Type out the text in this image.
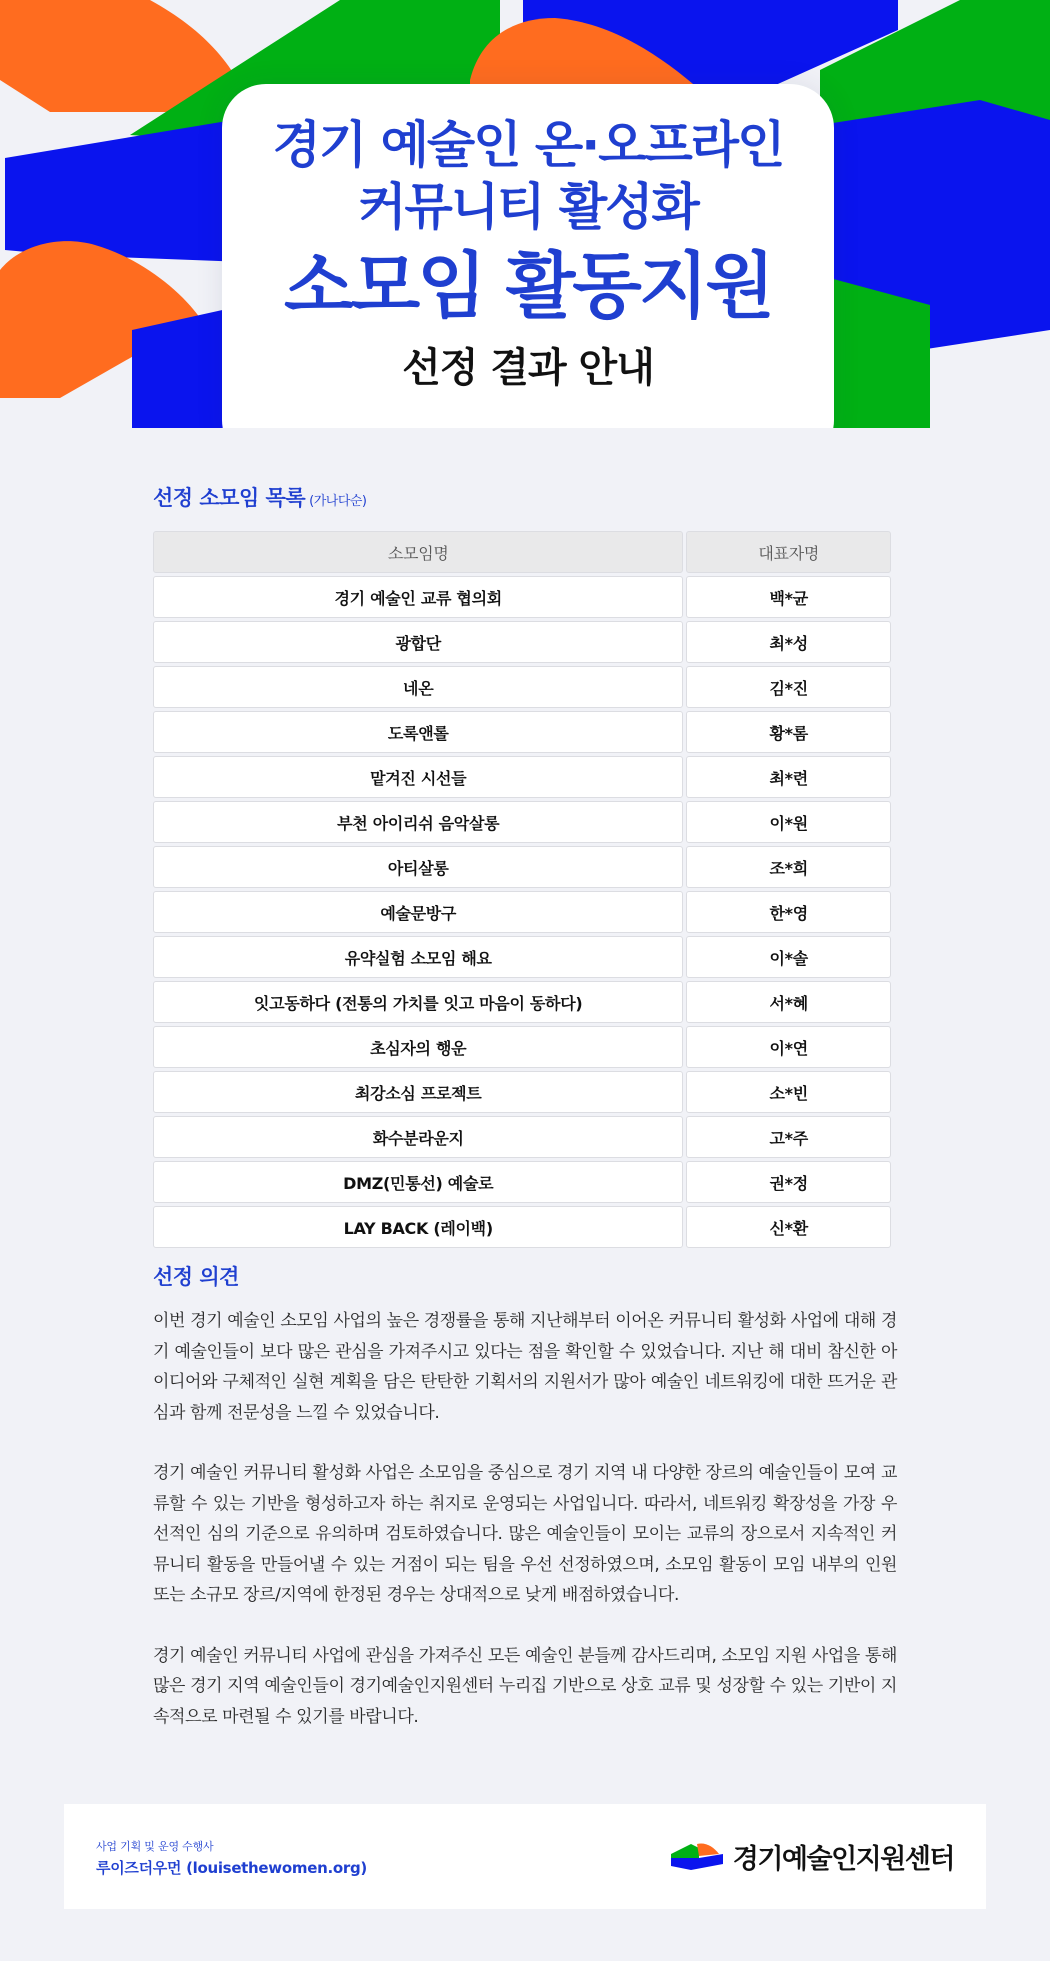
경기 예술인 온·오프라인
커뮤니티 활성화
소모임 활동지원
선정 결과 안내
선정 소모임 목록 (가나다순)
소모임명	대표자명
경기 예술인 교류 협의회	백*균
광합단	최*성
네온	김*진
도록앤롤	황*롬
맡겨진 시선들	최*련
부천 아이리쉬 음악살롱	이*원
아티살롱	조*희
예술문방구	한*영
유약실험 소모임 해요	이*솔
잇고동하다 (전통의 가치를 잇고 마음이 동하다)	서*혜
초심자의 행운	이*연
최강소심 프로젝트	소*빈
화수분라운지	고*주
DMZ(민통선) 예술로	권*정
LAY BACK (레이백)	신*환
선정 의견

이번 경기 예술인 소모임 사업의 높은 경쟁률을 통해 지난해부터 이어온 커뮤니티 활성화 사업에 대해 경기 예술인들이 보다 많은 관심을 가져주시고 있다는 점을 확인할 수 있었습니다. 지난 해 대비 참신한 아이디어와 구체적인 실현 계획을 담은 탄탄한 기획서의 지원서가 많아 예술인 네트워킹에 대한 뜨거운 관심과 함께 전문성을 느낄 수 있었습니다.

경기 예술인 커뮤니티 활성화 사업은 소모임을 중심으로 경기 지역 내 다양한 장르의 예술인들이 모여 교류할 수 있는 기반을 형성하고자 하는 취지로 운영되는 사업입니다. 따라서, 네트워킹 확장성을 가장 우선적인 심의 기준으로 유의하며 검토하였습니다. 많은 예술인들이 모이는 교류의 장으로서 지속적인 커뮤니티 활동을 만들어낼 수 있는 거점이 되는 팀을 우선 선정하였으며, 소모임 활동이 모임 내부의 인원 또는 소규모 장르/지역에 한정된 경우는 상대적으로 낮게 배점하였습니다.

경기 예술인 커뮤니티 사업에 관심을 가져주신 모든 예술인 분들께 감사드리며, 소모임 지원 사업을 통해 많은 경기 지역 예술인들이 경기예술인지원센터 누리집 기반으로 상호 교류 및 성장할 수 있는 기반이 지속적으로 마련될 수 있기를 바랍니다.

사업 기획 및 운영 수행사
루이즈더우먼 (louisethewomen.org)	경기예술인지원센터
